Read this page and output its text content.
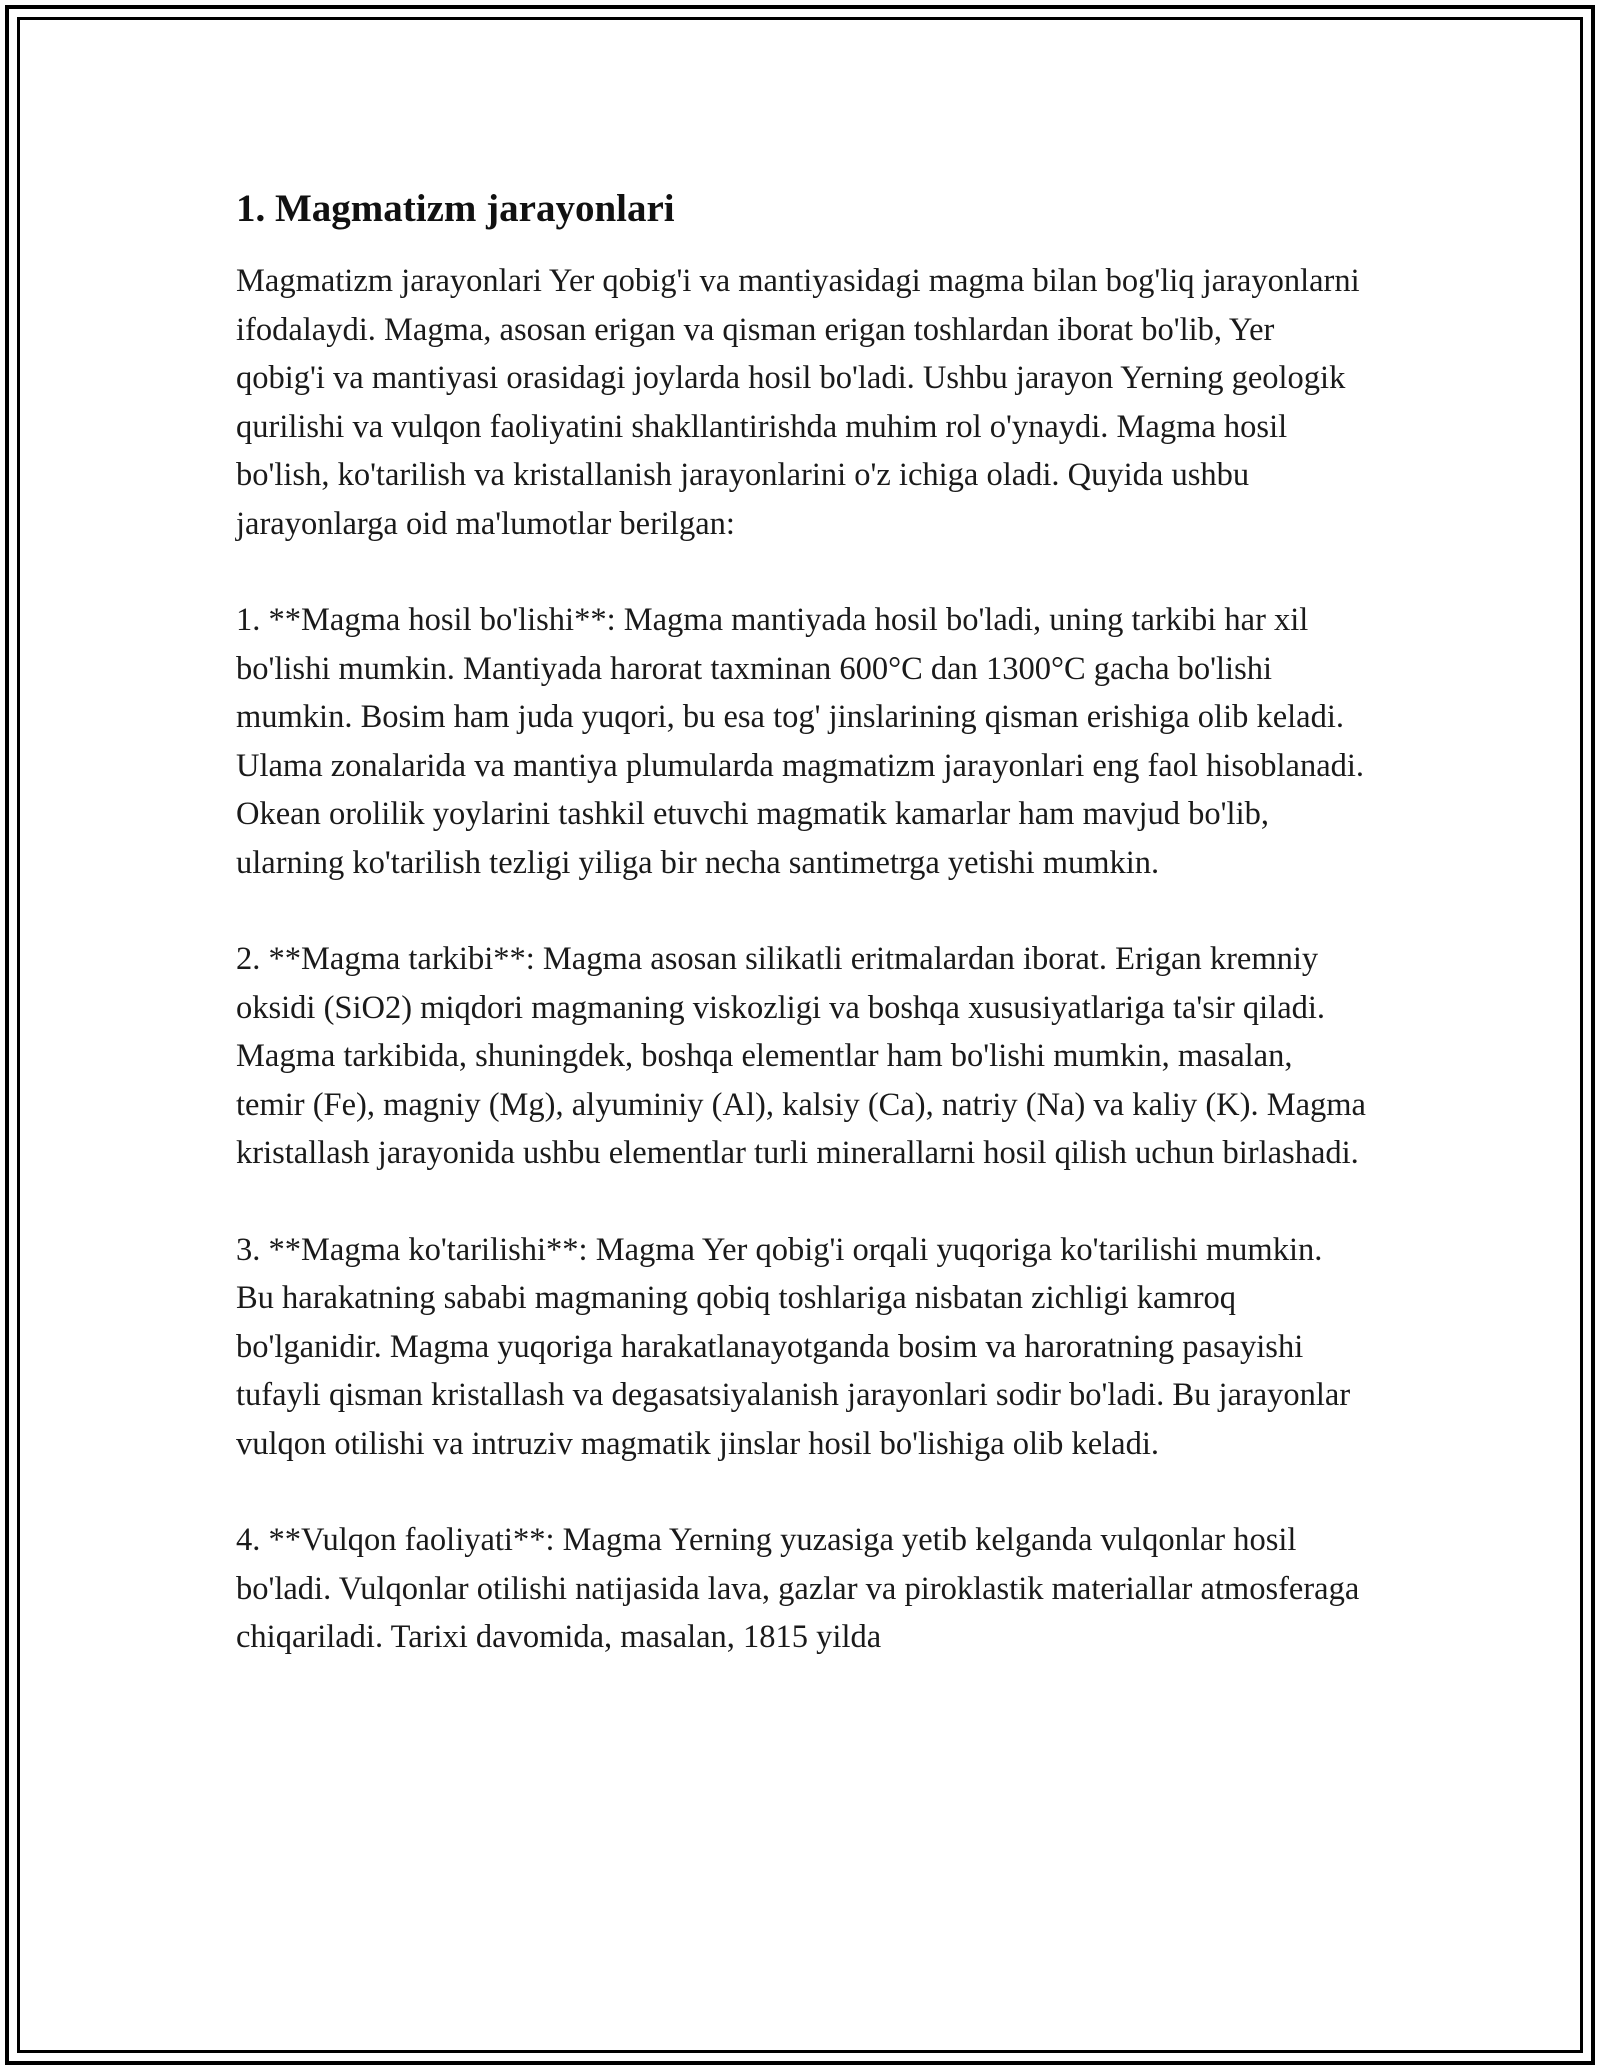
1. Magmatizm jarayonlari

Magmatizm jarayonlari Yer qobig'i va mantiyasidagi magma bilan bog'liq jarayonlarni ifodalaydi. Magma, asosan erigan va qisman erigan toshlardan iborat bo'lib, Yer qobig'i va mantiyasi orasidagi joylarda hosil bo'ladi. Ushbu jarayon Yerning geologik qurilishi va vulqon faoliyatini shakllantirishda muhim rol o'ynaydi. Magma hosil bo'lish, ko'tarilish va kristallanish jarayonlarini o'z ichiga oladi. Quyida ushbu jarayonlarga oid ma'lumotlar berilgan:

1. **Magma hosil bo'lishi**: Magma mantiyada hosil bo'ladi, uning tarkibi har xil bo'lishi mumkin. Mantiyada harorat taxminan 600°C dan 1300°C gacha bo'lishi mumkin. Bosim ham juda yuqori, bu esa tog' jinslarining qisman erishiga olib keladi. Ulama zonalarida va mantiya plumularda magmatizm jarayonlari eng faol hisoblanadi. Okean orolilik yoylarini tashkil etuvchi magmatik kamarlar ham mavjud bo'lib, ularning ko'tarilish tezligi yiliga bir necha santimetrga yetishi mumkin.

2. **Magma tarkibi**: Magma asosan silikatli eritmalardan iborat. Erigan kremniy oksidi (SiO2) miqdori magmaning viskozligi va boshqa xususiyatlariga ta'sir qiladi. Magma tarkibida, shuningdek, boshqa elementlar ham bo'lishi mumkin, masalan, temir (Fe), magniy (Mg), alyuminiy (Al), kalsiy (Ca), natriy (Na) va kaliy (K). Magma kristallash jarayonida ushbu elementlar turli minerallarni hosil qilish uchun birlashadi.

3. **Magma ko'tarilishi**: Magma Yer qobig'i orqali yuqoriga ko'tarilishi mumkin. Bu harakatning sababi magmaning qobiq toshlariga nisbatan zichligi kamroq bo'lganidir. Magma yuqoriga harakatlanayotganda bosim va haroratning pasayishi tufayli qisman kristallash va degasatsiyalanish jarayonlari sodir bo'ladi. Bu jarayonlar vulqon otilishi va intruziv magmatik jinslar hosil bo'lishiga olib keladi.

4. **Vulqon faoliyati**: Magma Yerning yuzasiga yetib kelganda vulqonlar hosil bo'ladi. Vulqonlar otilishi natijasida lava, gazlar va piroklastik materiallar atmosferaga chiqariladi. Tarixi davomida, masalan, 1815 yilda
